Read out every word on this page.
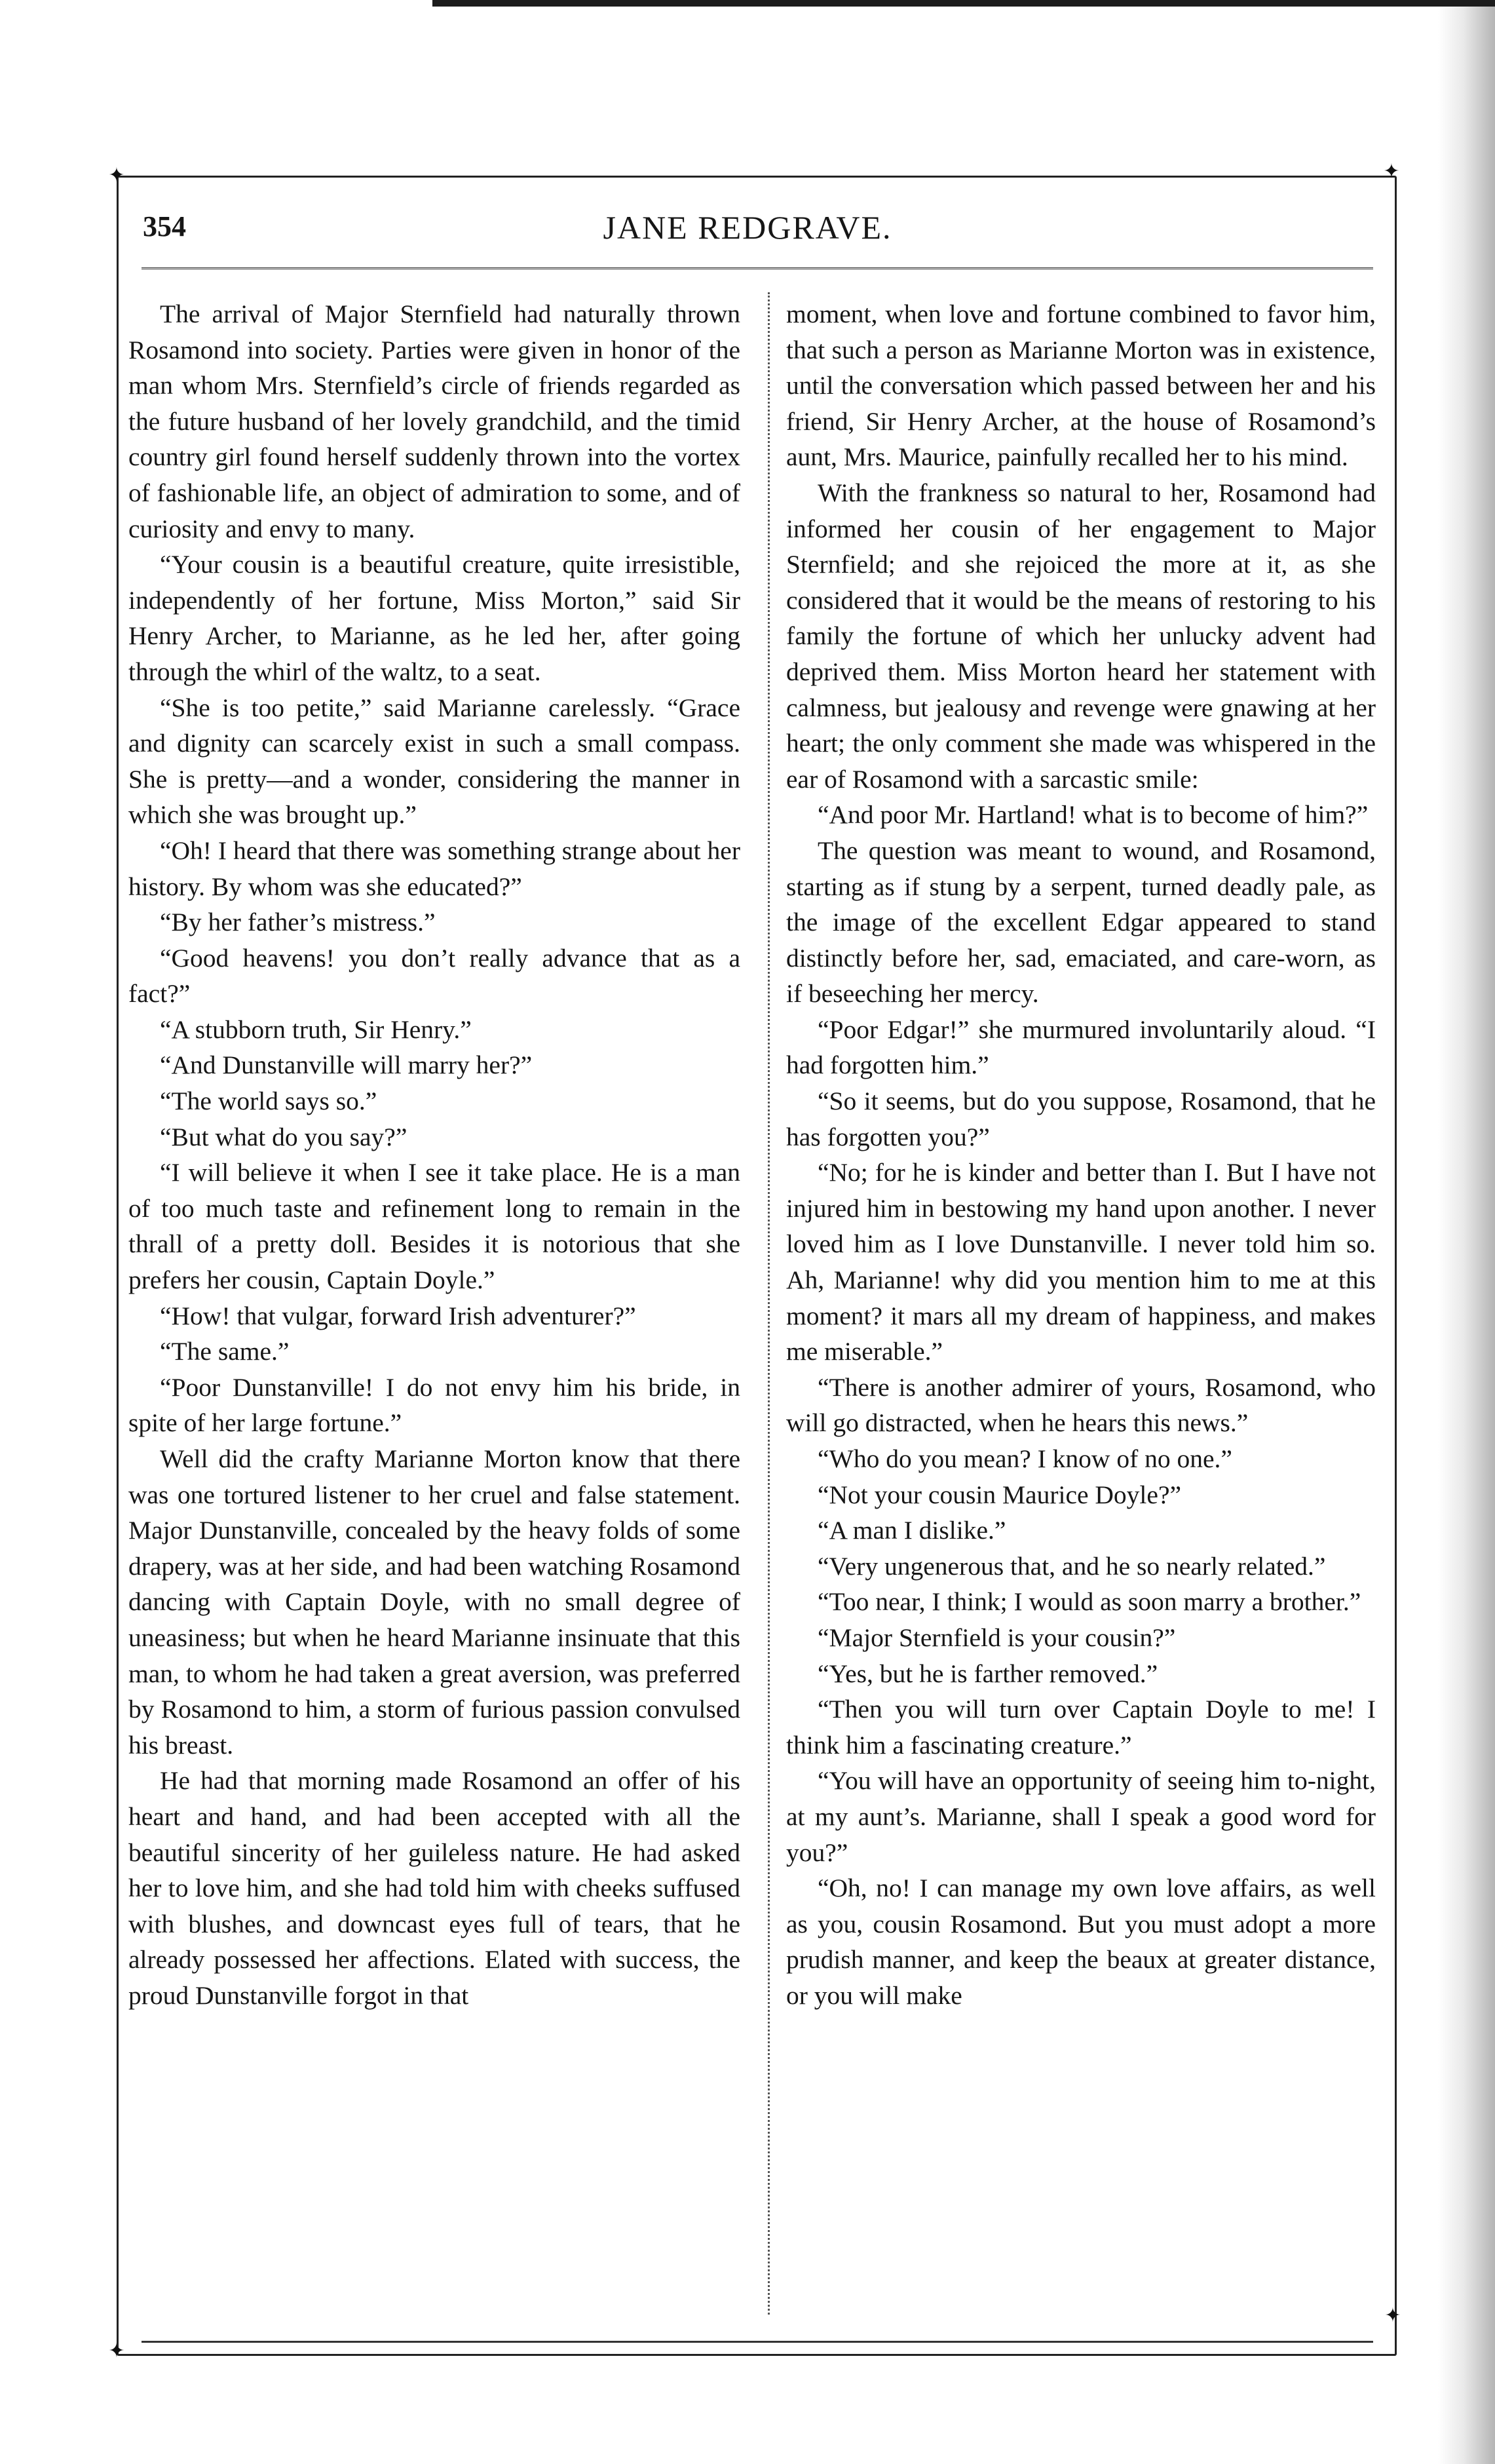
✦	✦
✦
✦
354	JANE REDGRAVE.

The arrival of Major Sternfield had naturally thrown Rosamond into society. Parties were given in honor of the man whom Mrs. Sternfield’s circle of friends regarded as the future husband of her lovely grandchild, and the timid country girl found herself suddenly thrown into the vortex of fashionable life, an object of admiration to some, and of curiosity and envy to many.

“Your cousin is a beautiful creature, quite irresistible, independently of her fortune, Miss Morton,” said Sir Henry Archer, to Marianne, as he led her, after going through the whirl of the waltz, to a seat.

“She is too petite,” said Marianne carelessly. “Grace and dignity can scarcely exist in such a small compass. She is pretty—and a wonder, considering the manner in which she was brought up.”

“Oh! I heard that there was something strange about her history. By whom was she educated?”

“By her father’s mistress.”

“Good heavens! you don’t really advance that as a fact?”

“A stubborn truth, Sir Henry.”

“And Dunstanville will marry her?”

“The world says so.”

“But what do you say?”

“I will believe it when I see it take place. He is a man of too much taste and refinement long to remain in the thrall of a pretty doll. Besides it is notorious that she prefers her cousin, Captain Doyle.”

“How! that vulgar, forward Irish adventurer?”

“The same.”

“Poor Dunstanville! I do not envy him his bride, in spite of her large fortune.”

Well did the crafty Marianne Morton know that there was one tortured listener to her cruel and false statement. Major Dunstanville, concealed by the heavy folds of some drapery, was at her side, and had been watching Rosamond dancing with Captain Doyle, with no small degree of uneasiness; but when he heard Marianne insinuate that this man, to whom he had taken a great aversion, was preferred by Rosamond to him, a storm of furious passion convulsed his breast.

He had that morning made Rosamond an offer of his heart and hand, and had been accepted with all the beautiful sincerity of her guileless nature. He had asked her to love him, and she had told him with cheeks suffused with blushes, and downcast eyes full of tears, that he already possessed her affections. Elated with success, the proud Dunstanville forgot in that

moment, when love and fortune combined to favor him, that such a person as Marianne Morton was in existence, until the conversation which passed between her and his friend, Sir Henry Archer, at the house of Rosamond’s aunt, Mrs. Maurice, painfully recalled her to his mind.

With the frankness so natural to her, Rosamond had informed her cousin of her engagement to Major Sternfield; and she rejoiced the more at it, as she considered that it would be the means of restoring to his family the fortune of which her unlucky advent had deprived them. Miss Morton heard her statement with calmness, but jealousy and revenge were gnawing at her heart; the only comment she made was whispered in the ear of Rosamond with a sarcastic smile:

“And poor Mr. Hartland! what is to become of him?”

The question was meant to wound, and Rosamond, starting as if stung by a serpent, turned deadly pale, as the image of the excellent Edgar appeared to stand distinctly before her, sad, emaciated, and care-worn, as if beseeching her mercy.

“Poor Edgar!” she murmured involuntarily aloud. “I had forgotten him.”

“So it seems, but do you suppose, Rosamond, that he has forgotten you?”

“No; for he is kinder and better than I. But I have not injured him in bestowing my hand upon another. I never loved him as I love Dunstanville. I never told him so. Ah, Marianne! why did you mention him to me at this moment? it mars all my dream of happiness, and makes me miserable.”

“There is another admirer of yours, Rosamond, who will go distracted, when he hears this news.”

“Who do you mean? I know of no one.”

“Not your cousin Maurice Doyle?”

“A man I dislike.”

“Very ungenerous that, and he so nearly related.”

“Too near, I think; I would as soon marry a brother.”

“Major Sternfield is your cousin?”

“Yes, but he is farther removed.”

“Then you will turn over Captain Doyle to me! I think him a fascinating creature.”

“You will have an opportunity of seeing him to-night, at my aunt’s. Marianne, shall I speak a good word for you?”

“Oh, no! I can manage my own love affairs, as well as you, cousin Rosamond. But you must adopt a more prudish manner, and keep the beaux at greater distance, or you will make
